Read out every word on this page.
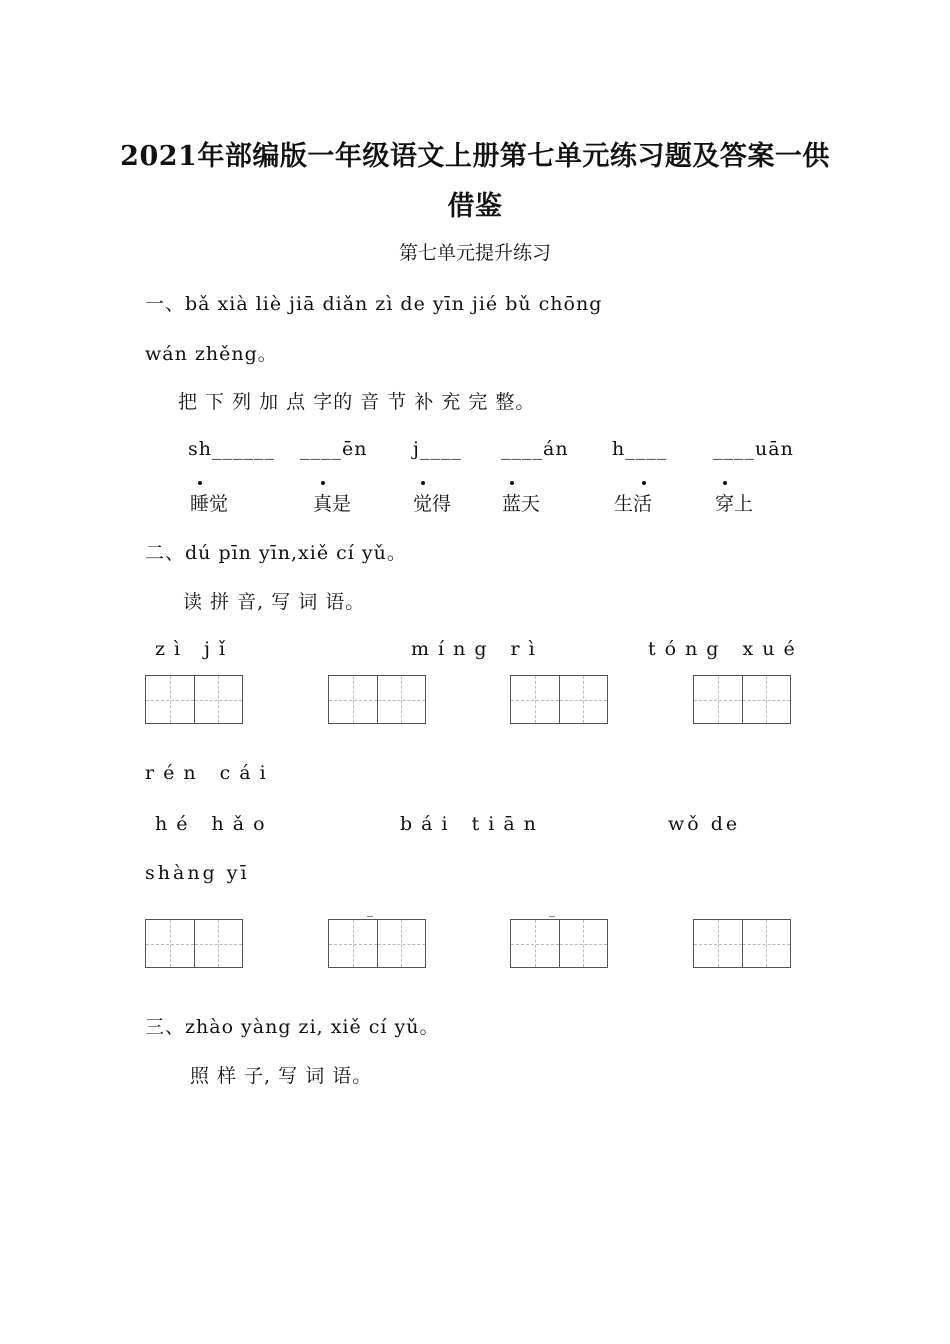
2021年部编版一年级语文上册第七单元练习题及答案一供
借鉴
第七单元提升练习
一、bǎ xià liè jiā diǎn zì de yīn jié bǔ chōng
wán zhěng。
把 下 列 加 点 字的 音 节 补 充 完 整。
sh______ ____ēn j____ ____án h____ ____uān
睡觉	真是	觉得	蓝天	生活	穿上
二、dú pīn yīn,xiě cí yǔ。
读 拼 音, 写 词 语。
zì jǐ	míng rì	tóng xué
rén cái
hé hǎo	bái tiān	wǒ de
shàng yī
三、zhào yàng zi, xiě cí yǔ。
照 样 子, 写 词 语。
